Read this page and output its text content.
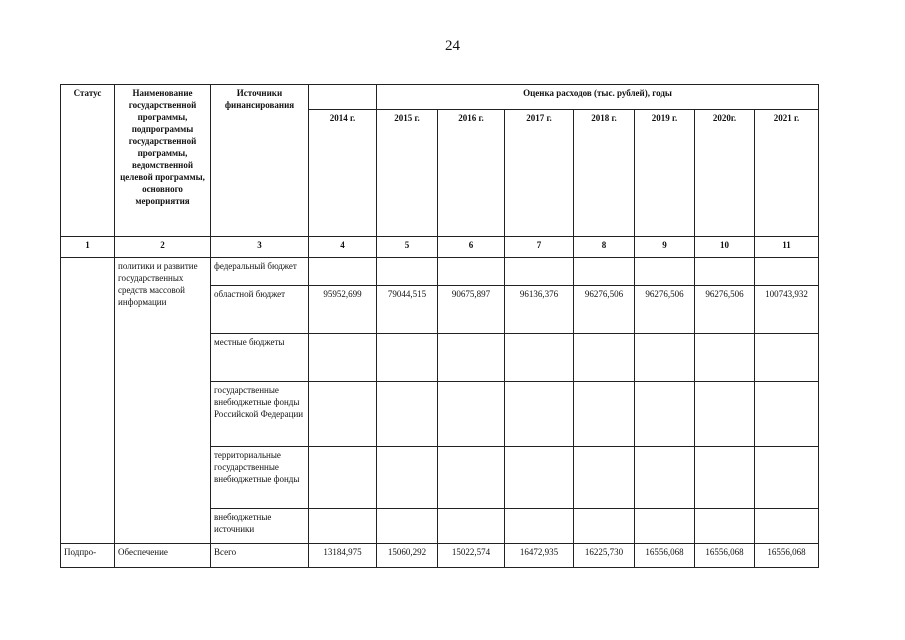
24
Статус	Наименование государственной программы, подпрограммы государственной программы, ведомственной целевой программы, основного мероприятия	Источники финансирования		Оценка расходов (тыс. рублей), годы						
			2014 г.	2015 г.	2016 г.	2017 г.	2018 г.	2019 г.	2020г.	2021 г.
1	2	3	4	5	6	7	8	9	10	11
	политики и развитие государственных средств массовой информации	федеральный бюджет								
		областной бюджет	95952,699	79044,515	90675,897	96136,376	96276,506	96276,506	96276,506	100743,932
		местные бюджеты								
		государственные внебюджетные фонды Российской Федерации								
		территориальные государственные внебюджетные фонды								
		внебюджетные источники								
Подпро-	Обеспечение	Всего	13184,975	15060,292	15022,574	16472,935	16225,730	16556,068	16556,068	16556,068
